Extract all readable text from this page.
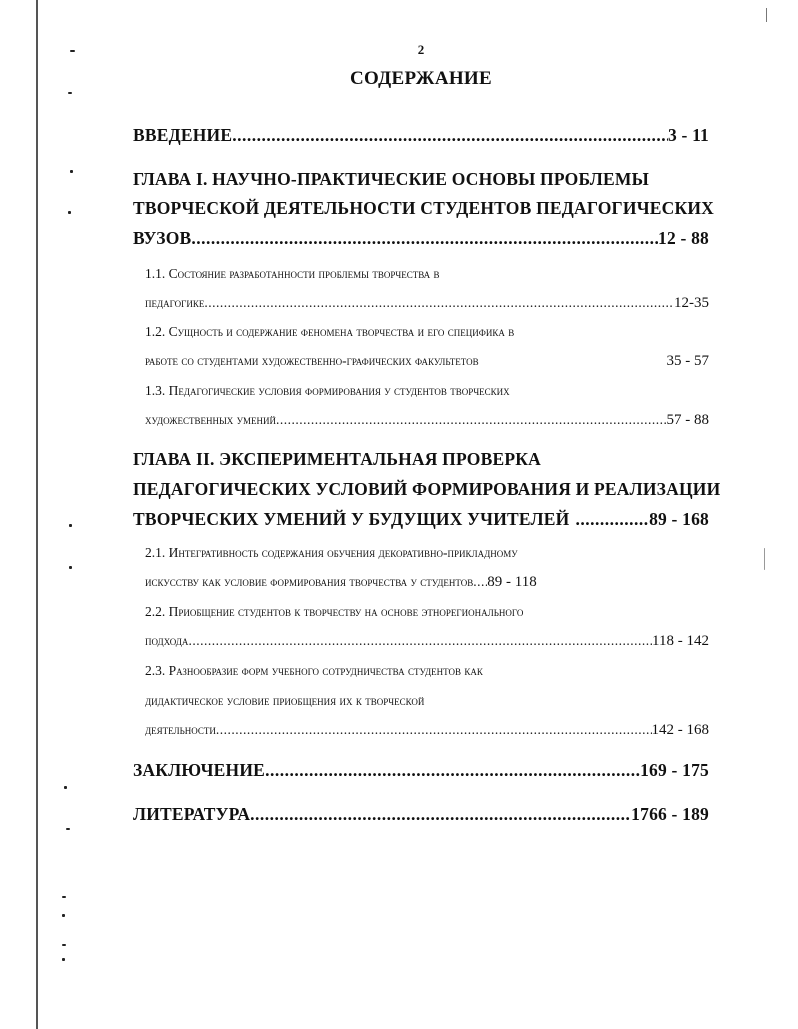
2
СОДЕРЖАНИЕ
ВВЕДЕНИЕ .....	3 - 11
ГЛАВА I. НАУЧНО-ПРАКТИЧЕСКИЕ ОСНОВЫ ПРОБЛЕМЫ
ТВОРЧЕСКОЙ ДЕЯТЕЛЬНОСТИ СТУДЕНТОВ ПЕДАГОГИЧЕСКИХ
ВУЗОВ .....	12 - 88
1.1. Состояние разработанности проблемы творчества в
педагогике .....	12-35
1.2. Сущность и содержание феномена творчества и его специфика в
работе со студентами художественно-графических факультетов	35 - 57
1.3. Педагогические условия формирования у студентов творческих
художественных умений .....	57 - 88
ГЛАВА II. ЭКСПЕРИМЕНТАЛЬНАЯ ПРОВЕРКА
ПЕДАГОГИЧЕСКИХ УСЛОВИЙ ФОРМИРОВАНИЯ И РЕАЛИЗАЦИИ
ТВОРЧЕСКИХ УМЕНИЙ У БУДУЩИХ УЧИТЕЛЕЙ .....	89 - 168
2.1. Интегративность содержания обучения декоративно-прикладному
искусству как условие формирования творчества у студентов ..... 89 - 118
2.2. Приобщение студентов к творчеству на основе этнорегионального
подхода .....	118 - 142
2.3. Разнообразие форм учебного сотрудничества студентов как
дидактическое условие приобщения их к творческой
деятельности .....	142 - 168
ЗАКЛЮЧЕНИЕ .....	169 - 175
ЛИТЕРАТУРА .....	1766 - 189
